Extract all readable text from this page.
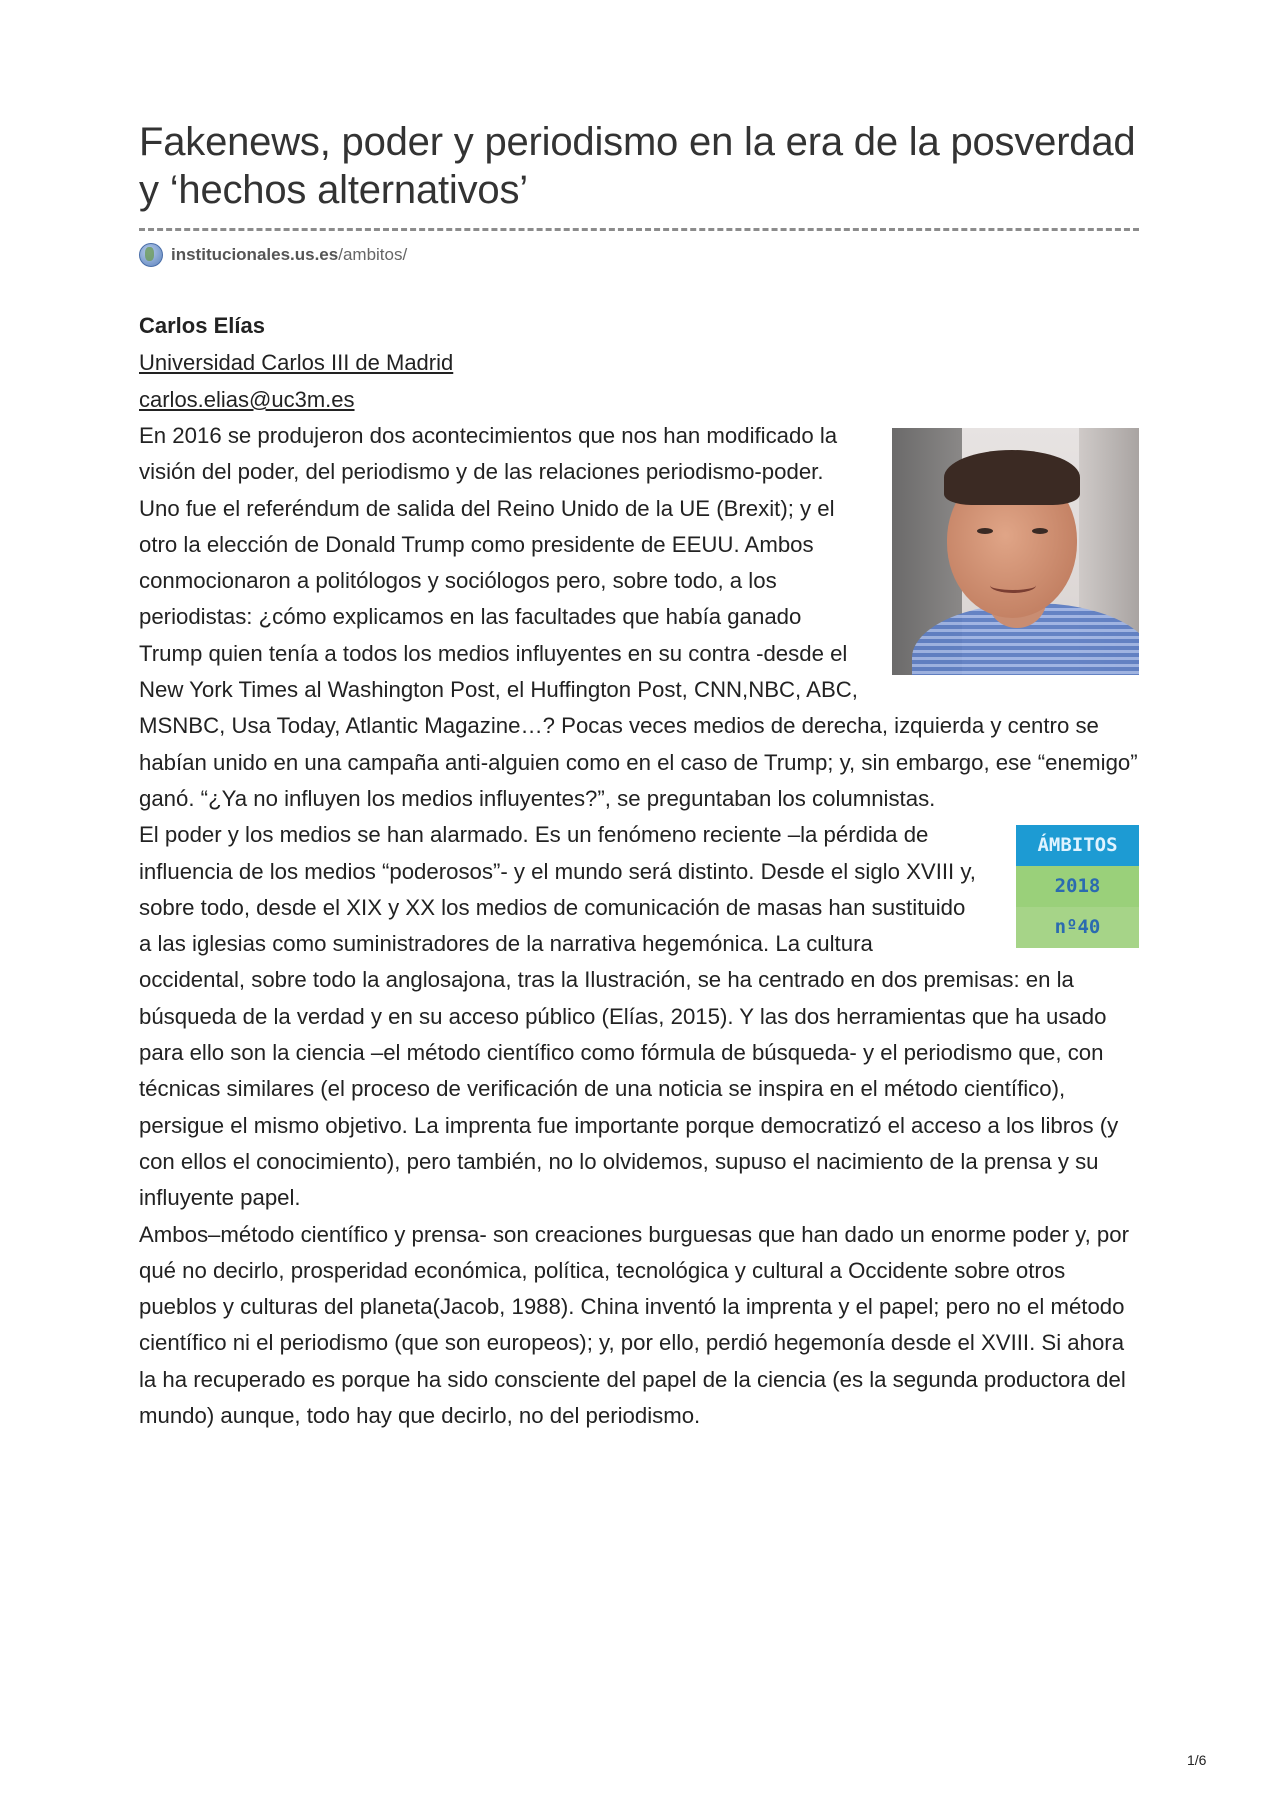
Fakenews, poder y periodismo en la era de la posverdad y ‘hechos alternativos’
institucionales.us.es /ambitos/
Carlos Elías
Universidad Carlos III de Madrid
carlos.elias@uc3m.es

En 2016 se produjeron dos acontecimientos que nos han modificado la visión del poder, del periodismo y de las relaciones periodismo-poder. Uno fue el referéndum de salida del Reino Unido de la UE (Brexit); y el otro la elección de Donald Trump como presidente de EEUU. Ambos conmocionaron a politólogos y sociólogos pero, sobre todo, a los periodistas: ¿cómo explicamos en las facultades que había ganado Trump quien tenía a todos los medios influyentes en su contra -desde el New York Times al Washington Post, el Huffington Post, CNN,NBC, ABC, MSNBC, Usa Today, Atlantic Magazine…? Pocas veces medios de derecha, izquierda y centro se habían unido en una campaña anti-alguien como en el caso de Trump; y, sin embargo, ese “enemigo” ganó. “¿Ya no influyen los medios influyentes?”, se preguntaban los columnistas.

ÁMBITOS
2018
nº40
El poder y los medios se han alarmado. Es un fenómeno reciente –la pérdida de influencia de los medios “poderosos”- y el mundo será distinto. Desde el siglo XVIII y, sobre todo, desde el XIX y XX los medios de comunicación de masas han sustituido a las iglesias como suministradores de la narrativa hegemónica. La cultura occidental, sobre todo la anglosajona, tras la Ilustración, se ha centrado en dos premisas: en la búsqueda de la verdad y en su acceso público (Elías, 2015). Y las dos herramientas que ha usado para ello son la ciencia –el método científico como fórmula de búsqueda- y el periodismo que, con técnicas similares (el proceso de verificación de una noticia se inspira en el método científico), persigue el mismo objetivo. La imprenta fue importante porque democratizó el acceso a los libros (y con ellos el conocimiento), pero también, no lo olvidemos, supuso el nacimiento de la prensa y su influyente papel.

Ambos–método científico y prensa- son creaciones burguesas que han dado un enorme poder y, por qué no decirlo, prosperidad económica, política, tecnológica y cultural a Occidente sobre otros pueblos y culturas del planeta(Jacob, 1988). China inventó la imprenta y el papel; pero no el método científico ni el periodismo (que son europeos); y, por ello, perdió hegemonía desde el XVIII. Si ahora la ha recuperado es porque ha sido consciente del papel de la ciencia (es la segunda productora del mundo) aunque, todo hay que decirlo, no del periodismo.

1/6
